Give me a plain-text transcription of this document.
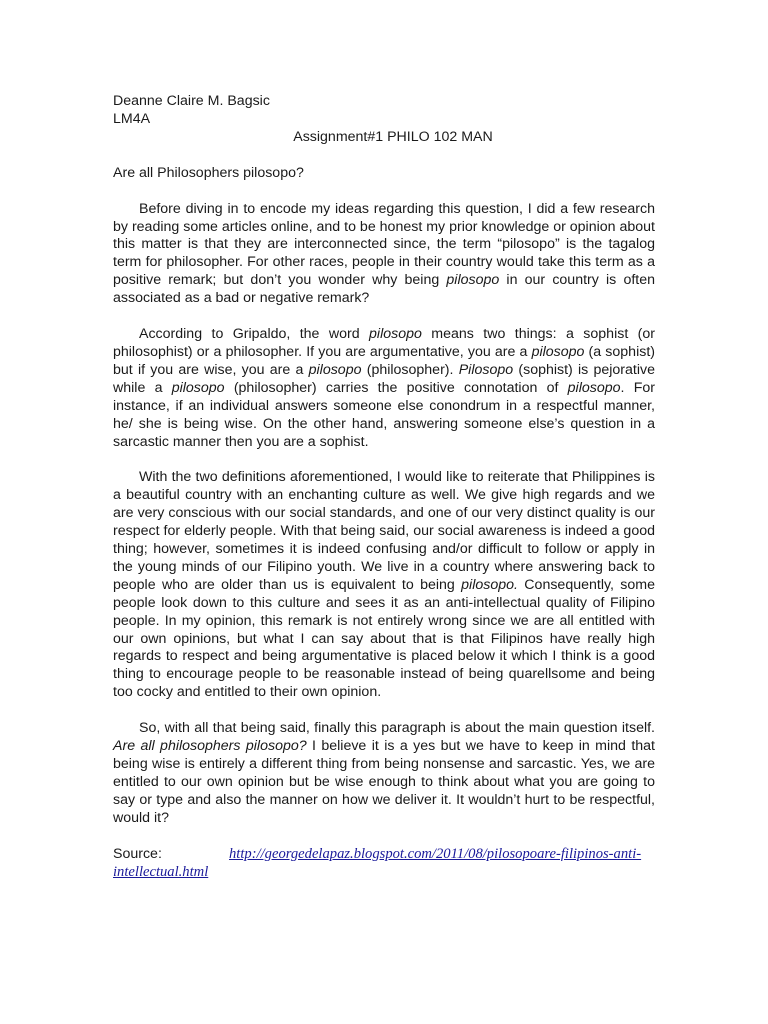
Deanne Claire M. Bagsic
LM4A
Assignment#1 PHILO 102 MAN
Are all Philosophers pilosopo?

Before diving in to encode my ideas regarding this question, I did a few research by reading some articles online, and to be honest my prior knowledge or opinion about this matter is that they are interconnected since, the term “pilosopo” is the tagalog term for philosopher. For other races, people in their country would take this term as a positive remark; but don’t you wonder why being pilosopo in our country is often associated as a bad or negative remark?

According to Gripaldo, the word pilosopo means two things: a sophist (or philosophist) or a philosopher. If you are argumentative, you are a pilosopo (a sophist) but if you are wise, you are a pilosopo (philosopher). Pilosopo (sophist) is pejorative while a pilosopo (philosopher) carries the positive connotation of pilosopo. For instance, if an individual answers someone else conondrum in a respectful manner, he/ she is being wise. On the other hand, answering someone else’s question in a sarcastic manner then you are a sophist.

With the two definitions aforementioned, I would like to reiterate that Philippines is a beautiful country with an enchanting culture as well. We give high regards and we are very conscious with our social standards, and one of our very distinct quality is our respect for elderly people. With that being said, our social awareness is indeed a good thing; however, sometimes it is indeed confusing and/or difficult to follow or apply in the young minds of our Filipino youth. We live in a country where answering back to people who are older than us is equivalent to being pilosopo. Consequently, some people look down to this culture and sees it as an anti-intellectual quality of Filipino people. In my opinion, this remark is not entirely wrong since we are all entitled with our own opinions, but what I can say about that is that Filipinos have really high regards to respect and being argumentative is placed below it which I think is a good thing to encourage people to be reasonable instead of being quarellsome and being too cocky and entitled to their own opinion.

So, with all that being said, finally this paragraph is about the main question itself. Are all philosophers pilosopo? I believe it is a yes but we have to keep in mind that being wise is entirely a different thing from being nonsense and sarcastic. Yes, we are entitled to our own opinion but be wise enough to think about what you are going to say or type and also the manner on how we deliver it. It wouldn’t hurt to be respectful, would it?

Source:	http://georgedelapaz.blogspot.com/2011/08/pilosopoare-filipinos-anti-intellectual.html
